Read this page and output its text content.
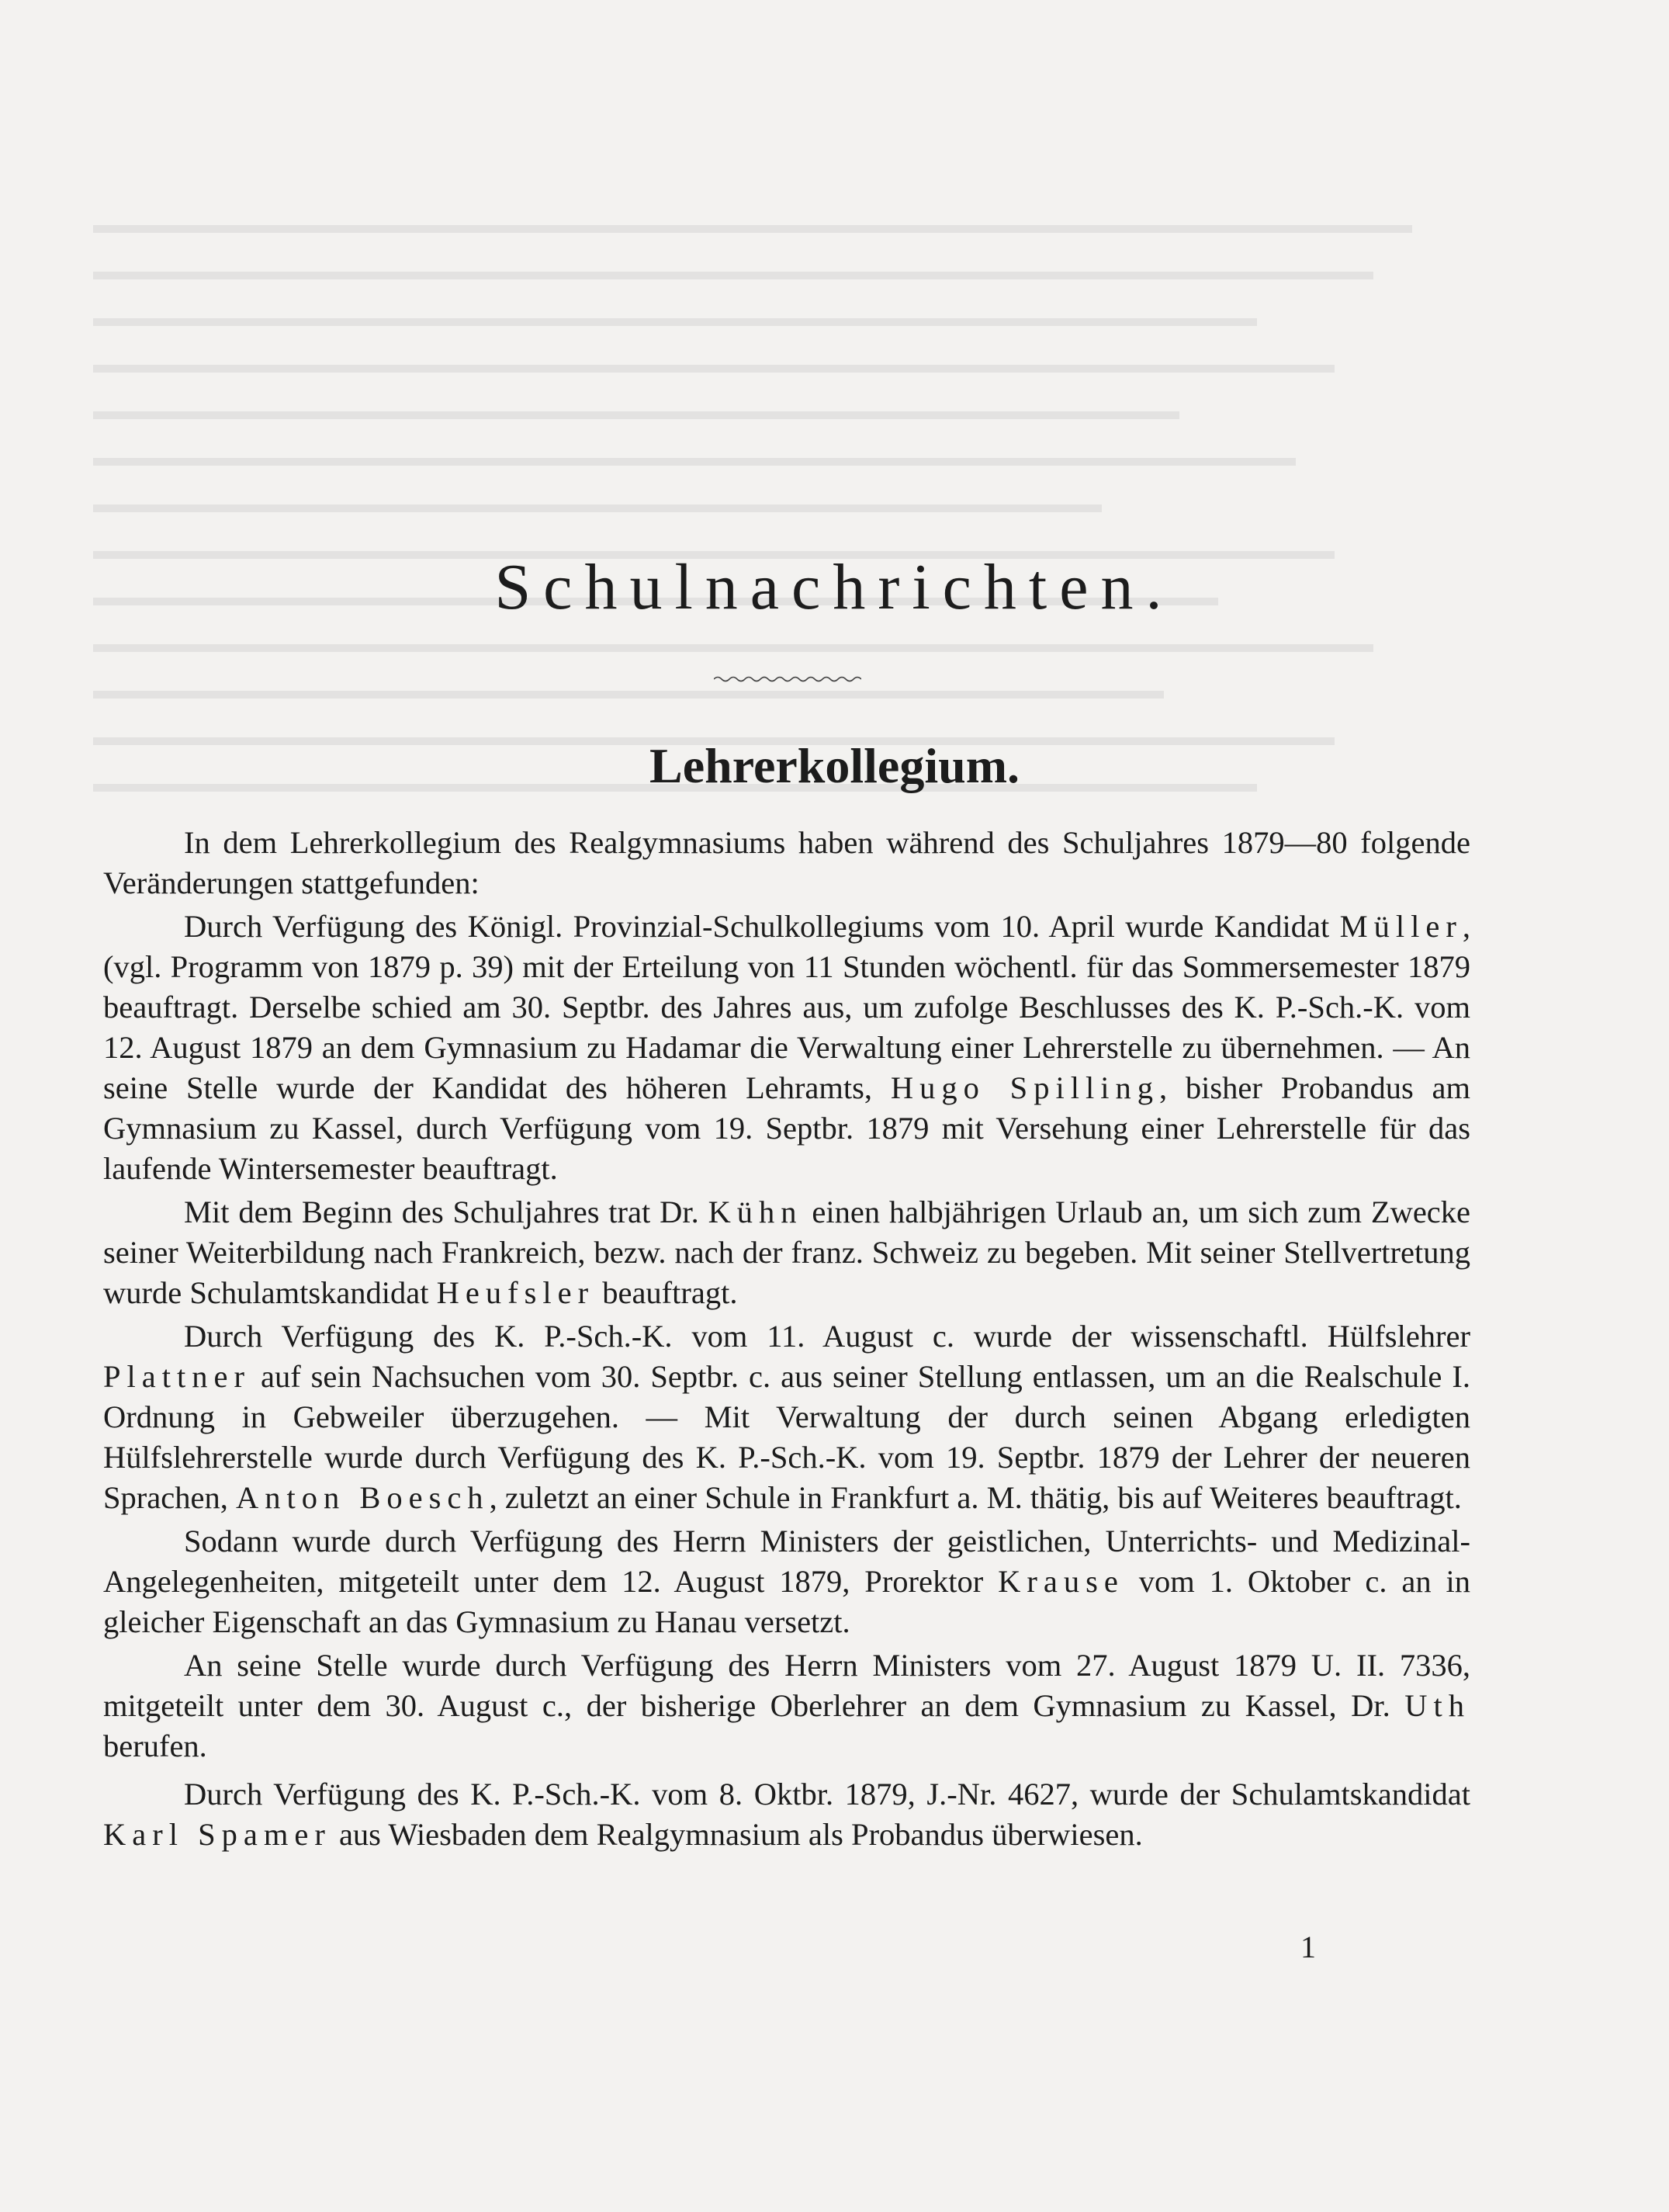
Schulnachrichten.
Lehrerkollegium.

In dem Lehrerkollegium des Realgymnasiums haben während des Schuljahres 1879—80 folgende Veränderungen stattgefunden:

Durch Verfügung des Königl. Provinzial-Schulkollegiums vom 10. April wurde Kandidat Müller, (vgl. Programm von 1879 p. 39) mit der Erteilung von 11 Stunden wöchentl. für das Sommersemester 1879 beauftragt. Derselbe schied am 30. Septbr. des Jahres aus, um zufolge Beschlusses des K. P.-Sch.-K. vom 12. August 1879 an dem Gymnasium zu Hadamar die Verwaltung einer Lehrerstelle zu übernehmen. — An seine Stelle wurde der Kandidat des höheren Lehramts, Hugo Spilling, bisher Probandus am Gymnasium zu Kassel, durch Verfügung vom 19. Septbr. 1879 mit Versehung einer Lehrerstelle für das laufende Wintersemester beauftragt.

Mit dem Beginn des Schuljahres trat Dr. Kühn einen halbjährigen Urlaub an, um sich zum Zwecke seiner Weiterbildung nach Frankreich, bezw. nach der franz. Schweiz zu begeben. Mit seiner Stellvertretung wurde Schulamtskandidat Heufsler beauftragt.

Durch Verfügung des K. P.-Sch.-K. vom 11. August c. wurde der wissenschaftl. Hülfslehrer Plattner auf sein Nachsuchen vom 30. Septbr. c. aus seiner Stellung entlassen, um an die Realschule I. Ordnung in Gebweiler überzugehen. — Mit Verwaltung der durch seinen Abgang erledigten Hülfslehrerstelle wurde durch Verfügung des K. P.-Sch.-K. vom 19. Septbr. 1879 der Lehrer der neueren Sprachen, Anton Boesch, zuletzt an einer Schule in Frankfurt a. M. thätig, bis auf Weiteres beauftragt.

Sodann wurde durch Verfügung des Herrn Ministers der geistlichen, Unterrichts- und Medizinal-Angelegenheiten, mitgeteilt unter dem 12. August 1879, Prorektor Krause vom 1. Oktober c. an in gleicher Eigenschaft an das Gymnasium zu Hanau versetzt.

An seine Stelle wurde durch Verfügung des Herrn Ministers vom 27. August 1879 U. II. 7336, mitgeteilt unter dem 30. August c., der bisherige Oberlehrer an dem Gymnasium zu Kassel, Dr. Uth berufen.

Durch Verfügung des K. P.-Sch.-K. vom 8. Oktbr. 1879, J.-Nr. 4627, wurde der Schulamtskandidat Karl Spamer aus Wiesbaden dem Realgymnasium als Probandus überwiesen.

1
